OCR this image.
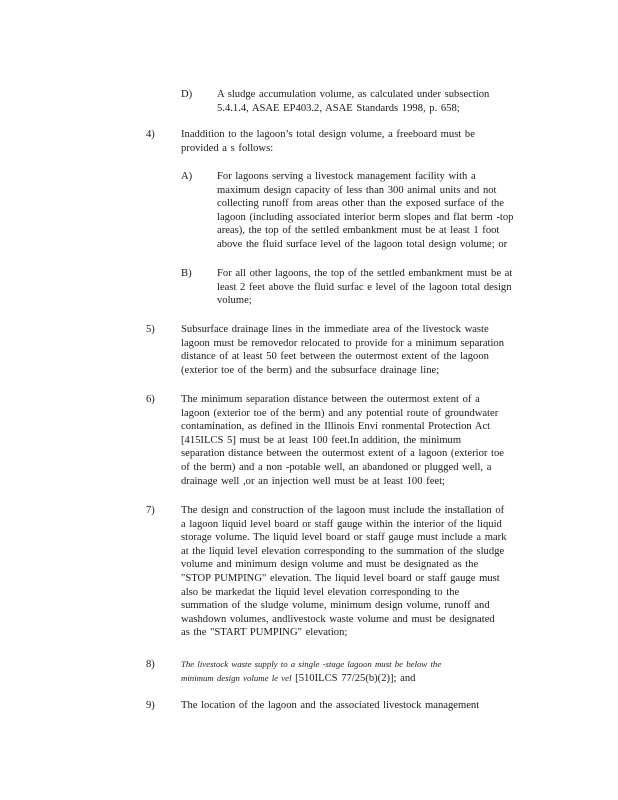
D)	A sludge accumulation volume, as calculated under subsection
5.4.1.4, ASAE EP403.2, ASAE Standards 1998, p. 658;
4)	Inaddition to the lagoon’s total design volume, a freeboard must be
provided a s follows:
A)	For lagoons serving a livestock management facility with a
maximum design capacity of less than 300 animal units and not
collecting runoff from areas other than the exposed surface of the
lagoon (including associated interior berm slopes and flat berm -top
areas), the top of the settled embankment must be at least 1 foot
above the fluid surface level of the lagoon total design volume; or
B)	For all other lagoons, the top of the settled embankment must be at
least 2 feet above the fluid surfac e level of the lagoon total design
volume;
5)	Subsurface drainage lines in the immediate area of the livestock waste
lagoon must be removedor relocated to provide for a minimum separation
distance of at least 50 feet between the outermost extent of the lagoon
(exterior toe of the berm) and the subsurface drainage line;
6)	The minimum separation distance between the outermost extent of a
lagoon (exterior toe of the berm) and any potential route of groundwater
contamination, as defined in the Illinois Envi ronmental Protection Act
[415ILCS 5] must be at least 100 feet.In addition, the minimum
separation distance between the outermost extent of a lagoon (exterior toe
of the berm) and a non -potable well, an abandoned or plugged well, a
drainage well ,or an injection well must be at least 100 feet;
7)	The design and construction of the lagoon must include the installation of
a lagoon liquid level board or staff gauge within the interior of the liquid
storage volume. The liquid level board or staff gauge must include a mark
at the liquid level elevation corresponding to the summation of the sludge
volume and minimum design volume and must be designated as the
"STOP PUMPING" elevation. The liquid level board or staff gauge must
also be markedat the liquid level elevation corresponding to the
summation of the sludge volume, minimum design volume, runoff and
washdown volumes, andlivestock waste volume and must be designated
as the "START PUMPING" elevation;
8)	The livestock waste supply to a single -stage lagoon must be below the
minimum design volume le vel [510ILCS 77/25(b)(2)]; and
9)	The location of the lagoon and the associated livestock management
